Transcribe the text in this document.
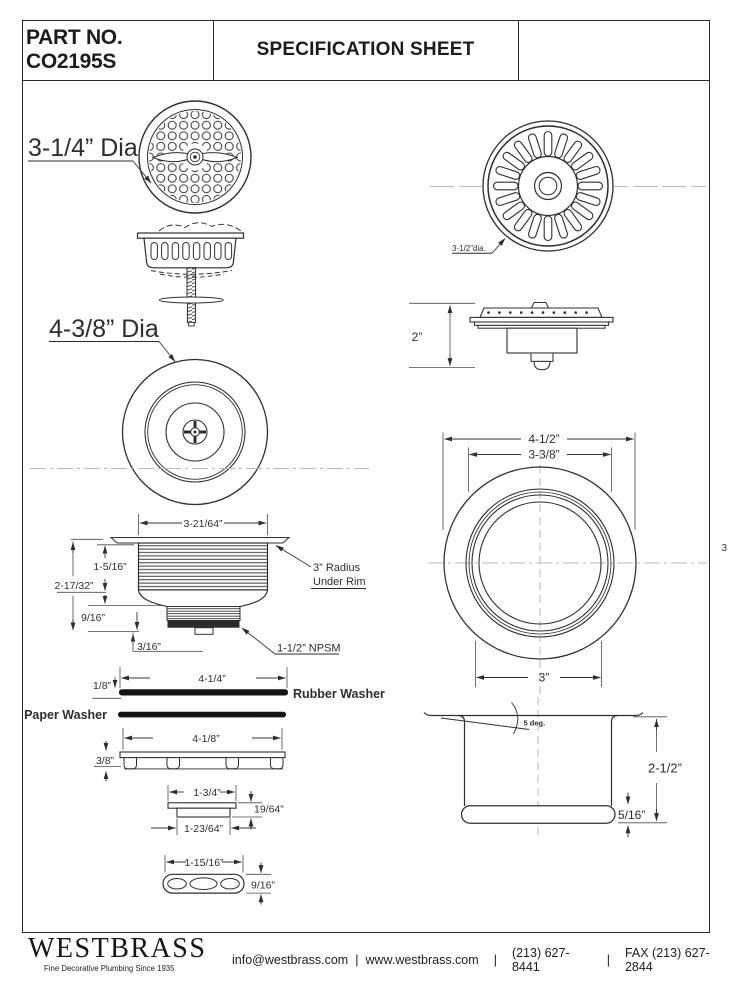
PART NO. CO2195S
SPECIFICATION SHEET
3-1/4” Dia
4-3/8” Dia
3-21/64”
1-5/16”
2-17/32”
9/16”
3/16”
3” Radius
Under Rim
1-1/2” NPSM
4-1/4”
1/8”
Rubber Washer
Paper Washer
4-1/8”
3/8”
1-3/4”
19/64”
1-23/64”
1-15/16”
9/16”
3-1/2”dia.
2”
4-1/2”
3-3/8”
3”
5 deg.
2-1/2”
5/16”
3
WESTBRASS
Fine Decorative Plumbing Since 1935
info@westbrass.com | www.westbrass.com | (213) 627-8441	| FAX (213) 627-2844
